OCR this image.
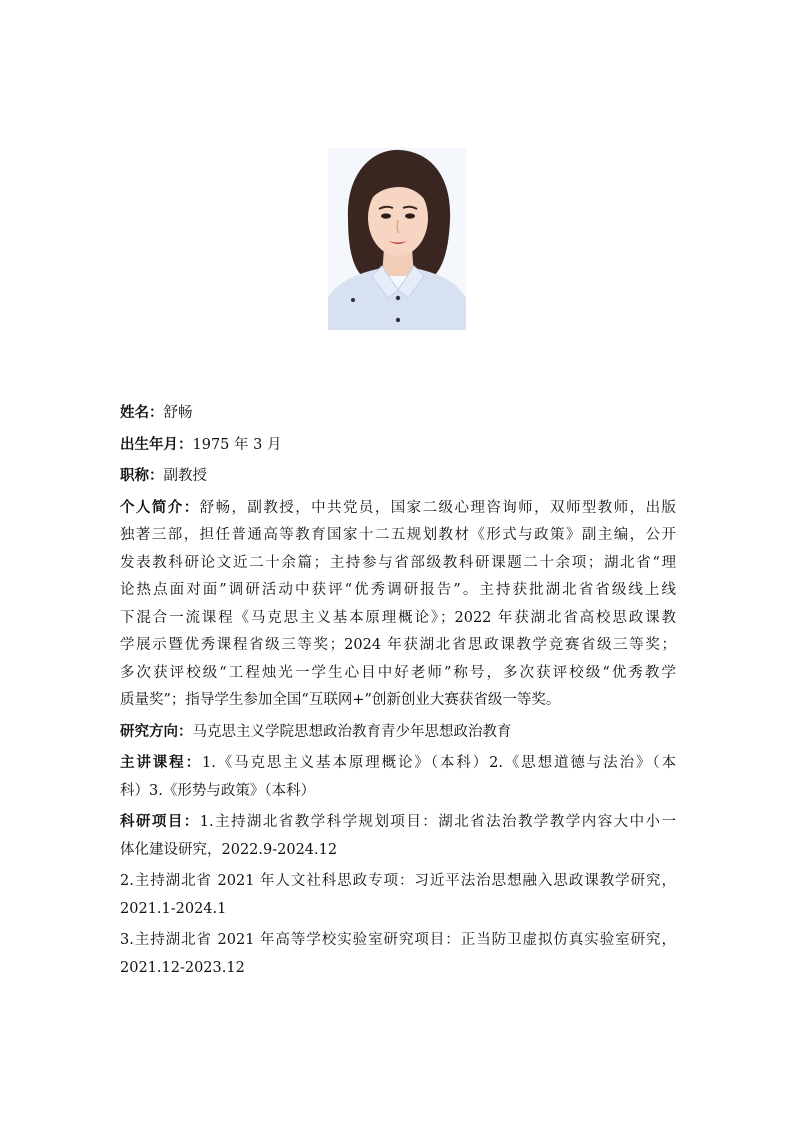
姓名：舒畅
出生年月：1975 年 3 月
职称：副教授
个人简介：舒畅，副教授，中共党员，国家二级心理咨询师，双师型教师，出版
独著三部，担任普通高等教育国家十二五规划教材《形式与政策》副主编，公开
发表教科研论文近二十余篇；主持参与省部级教科研课题二十余项；湖北省“理
论热点面对面”调研活动中获评“优秀调研报告”。主持获批湖北省省级线上线
下混合一流课程《马克思主义基本原理概论》；2022 年获湖北省高校思政课教
学展示暨优秀课程省级三等奖；2024 年获湖北省思政课教学竞赛省级三等奖；
多次获评校级“工程烛光一学生心目中好老师”称号，多次获评校级“优秀教学
质量奖”；指导学生参加全国“互联网+”创新创业大赛获省级一等奖。
研究方向：马克思主义学院思想政治教育青少年思想政治教育
主讲课程：1.《马克思主义基本原理概论》（本科）2.《思想道德与法治》（本
科）3.《形势与政策》（本科）
科研项目：1.主持湖北省教学科学规划项目：湖北省法治教学教学内容大中小一
体化建设研究，2022.9-2024.12
2.主持湖北省 2021 年人文社科思政专项：习近平法治思想融入思政课教学研究，
2021.1-2024.1
3.主持湖北省 2021 年高等学校实验室研究项目：正当防卫虚拟仿真实验室研究，
2021.12-2023.12
